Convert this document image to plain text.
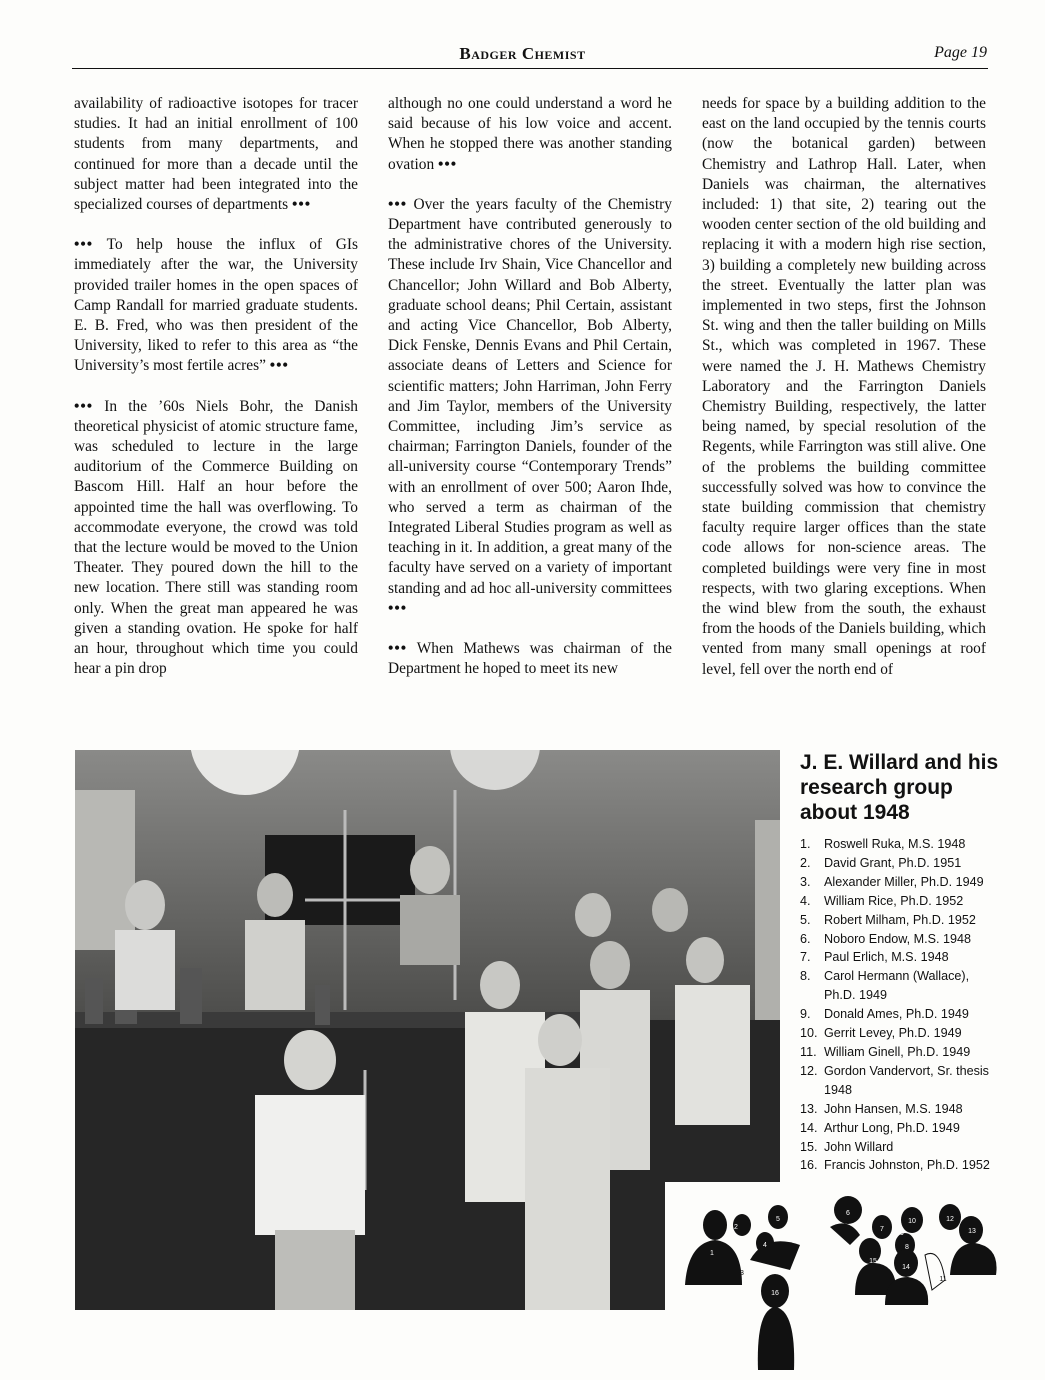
Badger Chemist	Page 19

availability of radioactive isotopes for tracer studies. It had an initial enrollment of 100 students from many departments, and continued for more than a decade until the subject matter had been integrated into the specialized courses of departments •••

••• To help house the influx of GIs immediately after the war, the University provided trailer homes in the open spaces of Camp Randall for married graduate students. E. B. Fred, who was then president of the University, liked to refer to this area as “the University’s most fertile acres” •••

••• In the ’60s Niels Bohr, the Danish theoretical physicist of atomic structure fame, was scheduled to lecture in the large auditorium of the Commerce Building on Bascom Hill. Half an hour before the appointed time the hall was overflowing. To accommodate everyone, the crowd was told that the lecture would be moved to the Union Theater. They poured down the hill to the new location. There still was standing room only. When the great man appeared he was given a standing ovation. He spoke for half an hour, throughout which time you could hear a pin drop

although no one could understand a word he said because of his low voice and accent. When he stopped there was another standing ovation •••

••• Over the years faculty of the Chemistry Department have contributed generously to the administrative chores of the University. These include Irv Shain, Vice Chancellor and Chancellor; John Willard and Bob Alberty, graduate school deans; Phil Certain, assistant and acting Vice Chancellor, Bob Alberty, Dick Fenske, Dennis Evans and Phil Certain, associate deans of Letters and Science for scientific matters; John Harriman, John Ferry and Jim Taylor, members of the University Committee, including Jim’s service as chairman; Farrington Daniels, founder of the all-university course “Contemporary Trends” with an enrollment of over 500; Aaron Ihde, who served a term as chairman of the Integrated Liberal Studies program as well as teaching in it. In addition, a great many of the faculty have served on a variety of important standing and ad hoc all-university committees •••

••• When Mathews was chairman of the Department he hoped to meet its new

needs for space by a building addition to the east on the land occupied by the tennis courts (now the botanical garden) between Chemistry and Lathrop Hall. Later, when Daniels was chairman, the alternatives included: 1) that site, 2) tearing out the wooden center section of the old building and replacing it with a modern high rise section, 3) building a completely new building across the street. Eventually the latter plan was implemented in two steps, first the Johnson St. wing and then the taller building on Mills St., which was completed in 1967. These were named the J. H. Mathews Chemistry Laboratory and the Farrington Daniels Chemistry Building, respectively, the latter being named, by special resolution of the Regents, while Farrington was still alive. One of the problems the building committee successfully solved was how to convince the state building commission that chemistry faculty require larger offices than the state code allows for non-science areas. The completed buildings were very fine in most respects, with two glaring exceptions. When the wind blew from the south, the exhaust from the hoods of the Daniels building, which vented from many small openings at roof level, fell over the north end of

J. E. Willard and his research group about 1948
1.	Roswell Ruka, M.S. 1948
2.	David Grant, Ph.D. 1951
3.	Alexander Miller, Ph.D. 1949
4.	William Rice, Ph.D. 1952
5.	Robert Milham, Ph.D. 1952
6.	Noboro Endow, M.S. 1948
7.	Paul Erlich, M.S. 1948
8.	Carol Hermann (Wallace), Ph.D. 1949
9.	Donald Ames, Ph.D. 1949
10. Gerrit Levey, Ph.D. 1949
11. William Ginell, Ph.D. 1949
12. Gordon Vandervort, Sr. thesis 1948
13. John Hansen, M.S. 1948
14. Arthur Long, Ph.D. 1949
15. John Willard
16. Francis Johnston, Ph.D. 1952
1
2
3
4
5
6
7
8
9
10
11
12
13
14
15
16
